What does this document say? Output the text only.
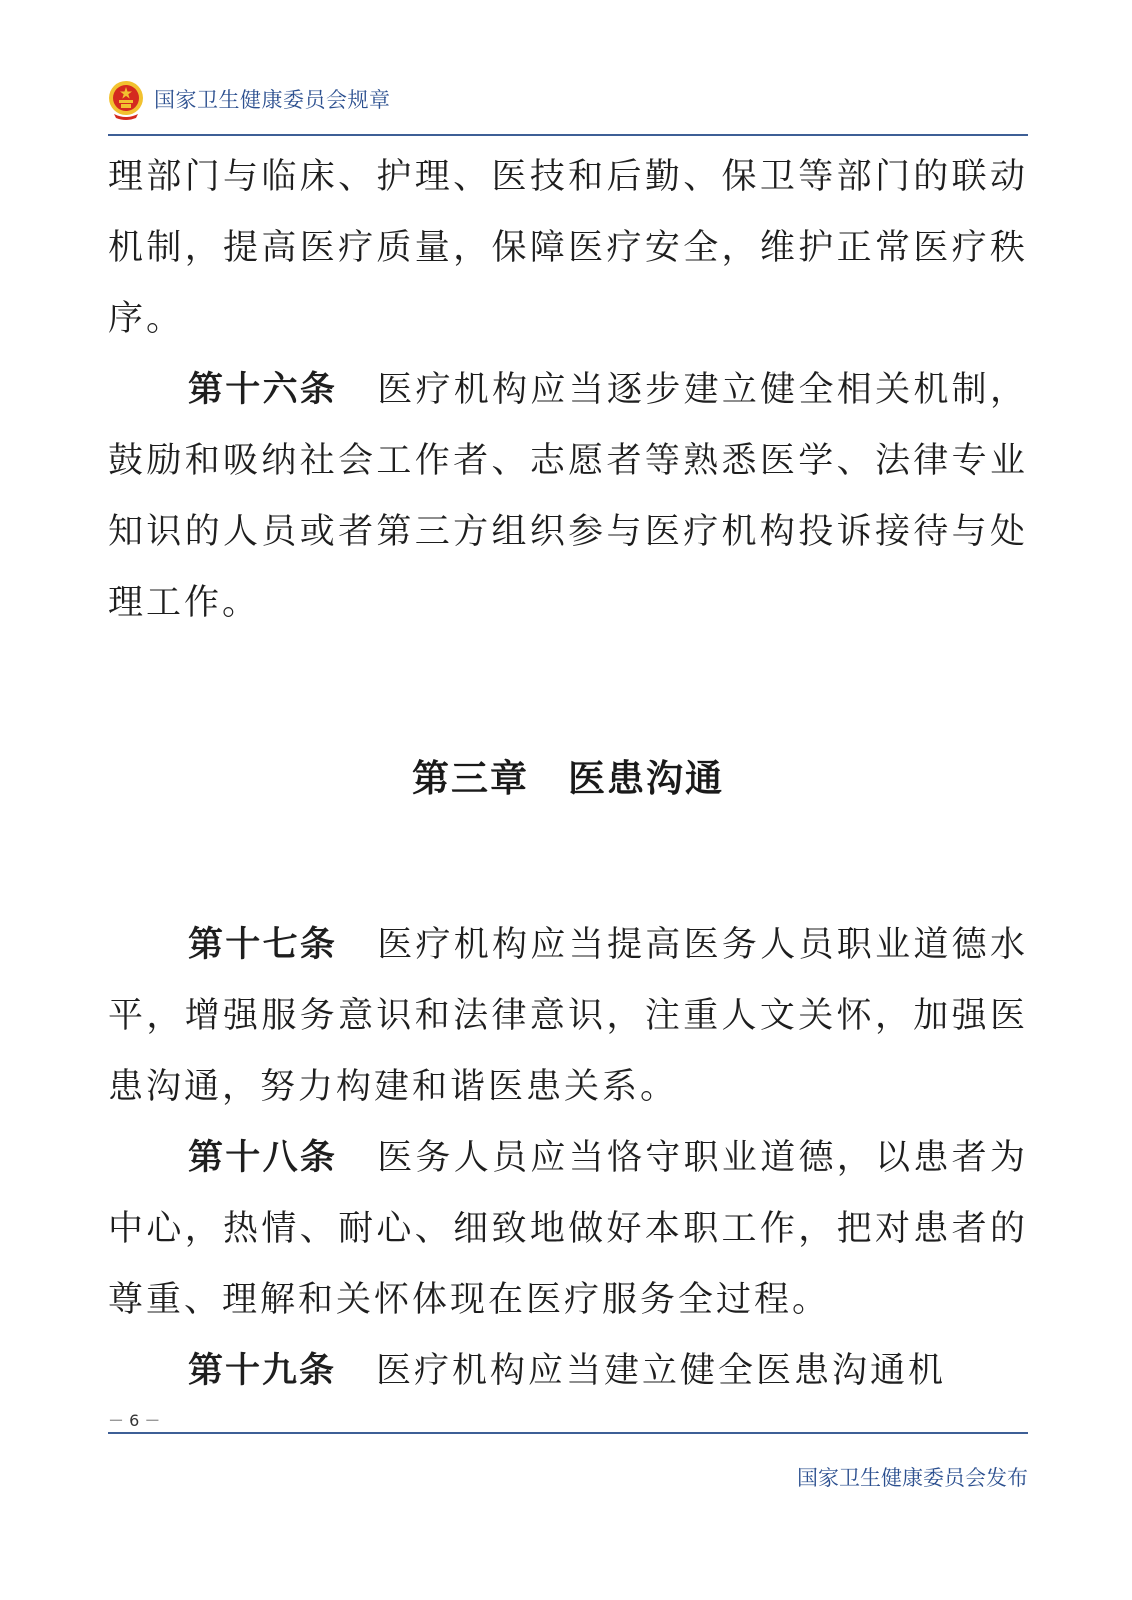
国家卫生健康委员会规章

理部门与临床、护理、医技和后勤、保卫等部门的联动机制，提高医疗质量，保障医疗安全，维护正常医疗秩序。

第十六条 医疗机构应当逐步建立健全相关机制，鼓励和吸纳社会工作者、志愿者等熟悉医学、法律专业知识的人员或者第三方组织参与医疗机构投诉接待与处理工作。

第三章　医患沟通

第十七条 医疗机构应当提高医务人员职业道德水平，增强服务意识和法律意识，注重人文关怀，加强医患沟通，努力构建和谐医患关系。

第十八条 医务人员应当恪守职业道德，以患者为中心，热情、耐心、细致地做好本职工作，把对患者的尊重、理解和关怀体现在医疗服务全过程。

第十九条 医疗机构应当建立健全医患沟通机

－ 6 －
国家卫生健康委员会发布
